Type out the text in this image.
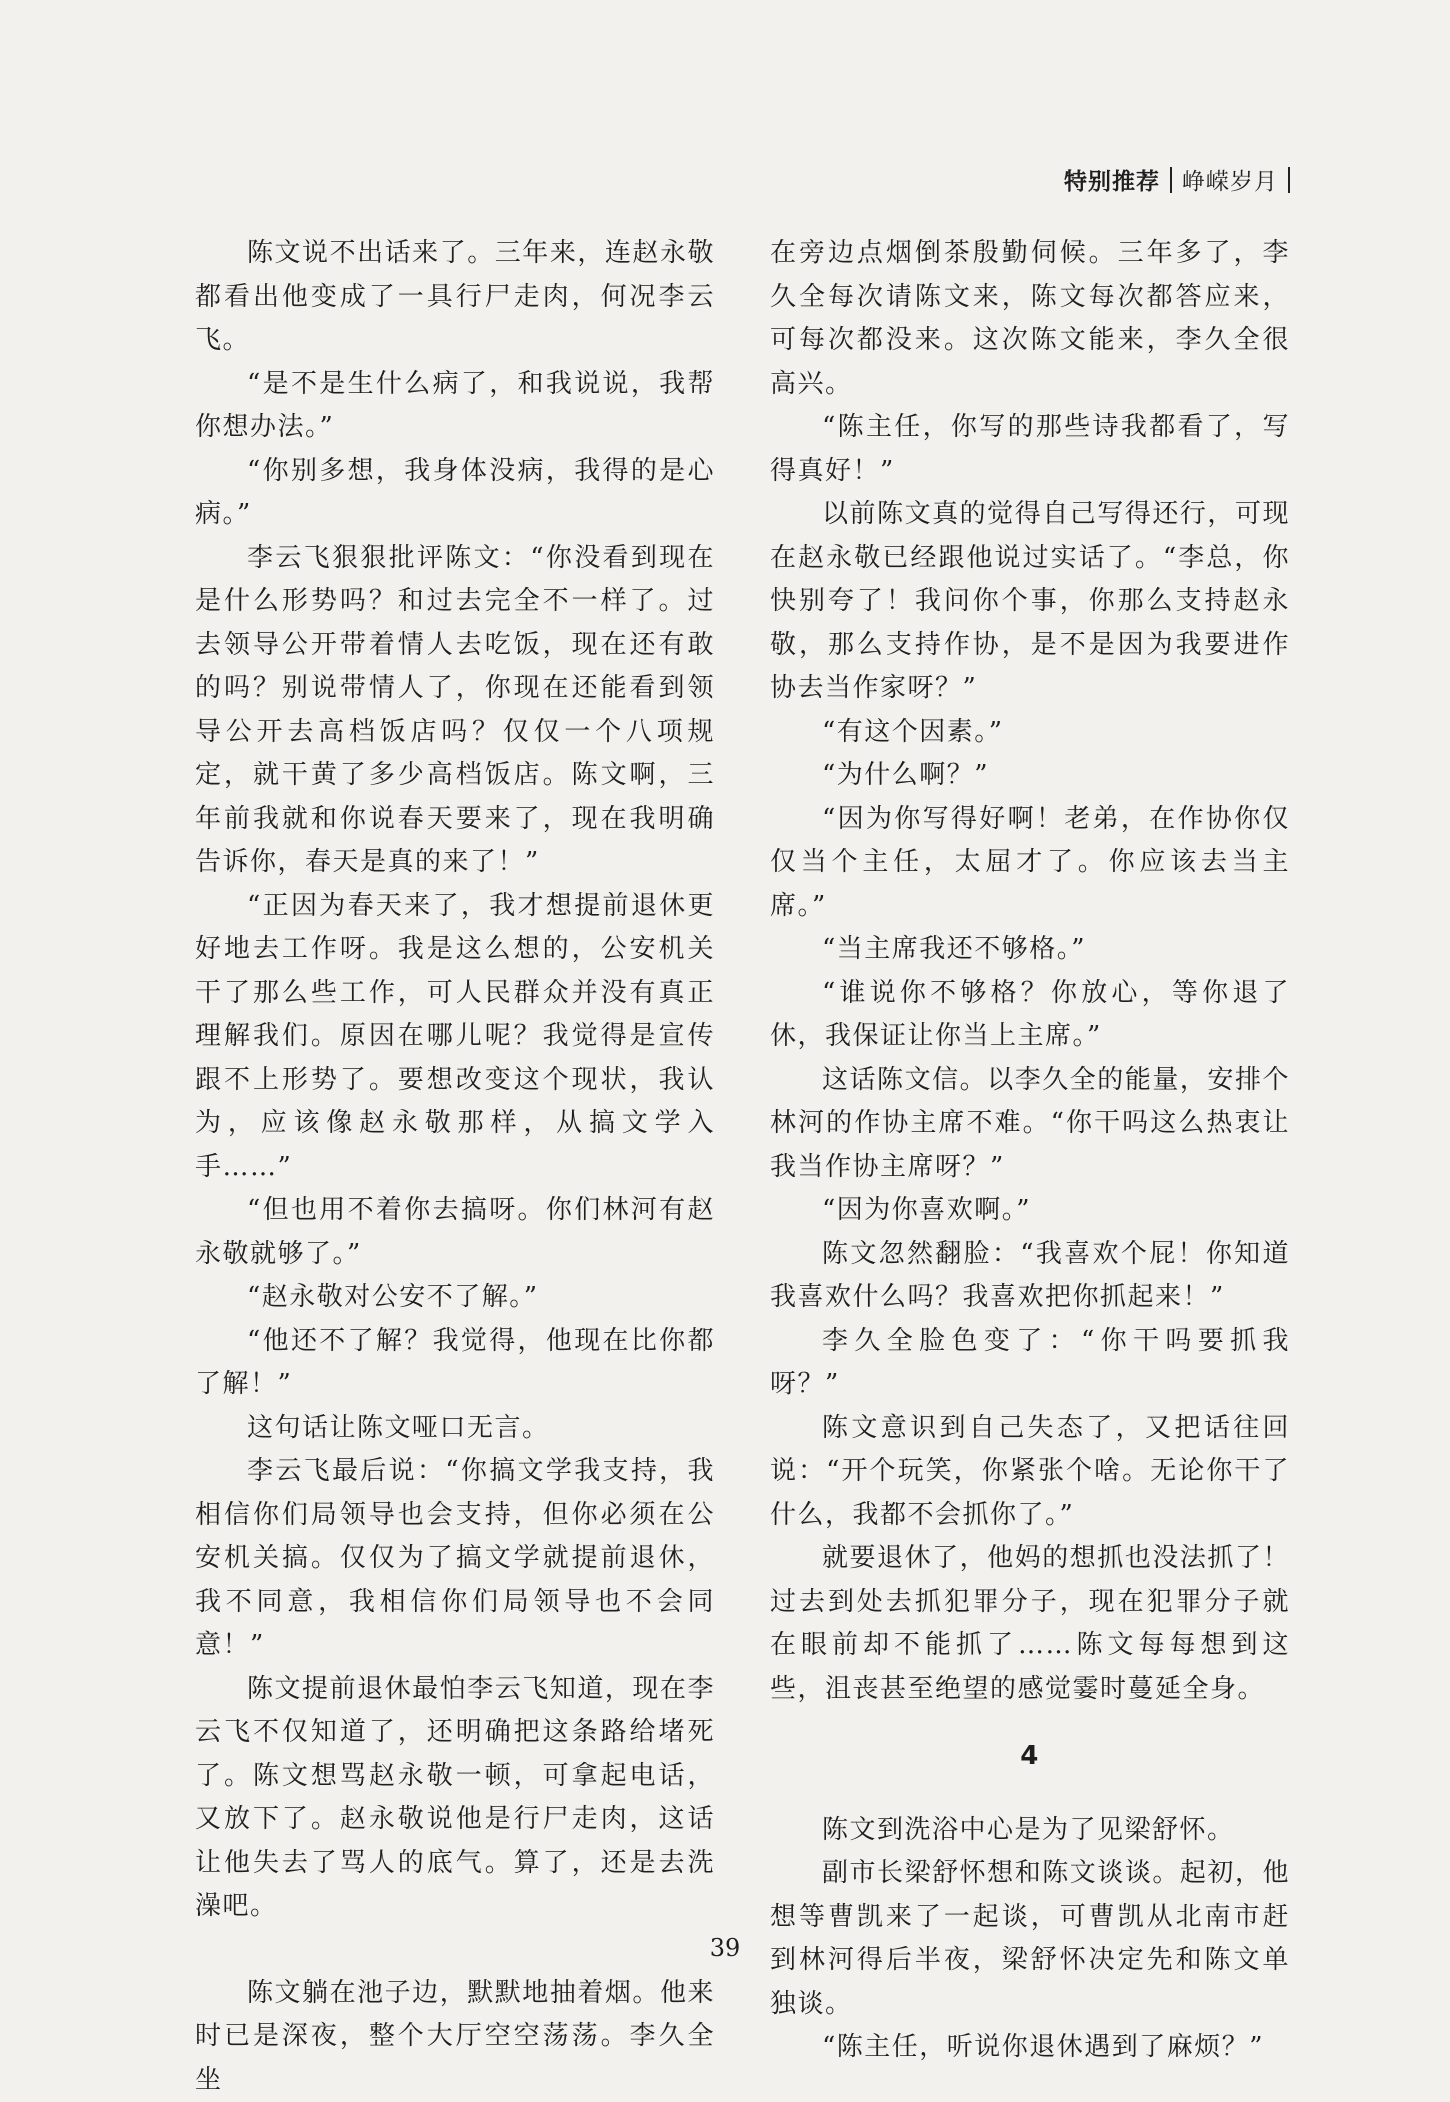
特别推荐 峥嵘岁月

陈文说不出话来了。三年来，连赵永敬都看出他变成了一具行尸走肉，何况李云飞。

“是不是生什么病了，和我说说，我帮你想办法。”

“你别多想，我身体没病，我得的是心病。”

李云飞狠狠批评陈文：“你没看到现在是什么形势吗？和过去完全不一样了。过去领导公开带着情人去吃饭，现在还有敢的吗？别说带情人了，你现在还能看到领导公开去高档饭店吗？仅仅一个八项规定，就干黄了多少高档饭店。陈文啊，三年前我就和你说春天要来了，现在我明确告诉你，春天是真的来了！”

“正因为春天来了，我才想提前退休更好地去工作呀。我是这么想的，公安机关干了那么些工作，可人民群众并没有真正理解我们。原因在哪儿呢？我觉得是宣传跟不上形势了。要想改变这个现状，我认为，应该像赵永敬那样，从搞文学入手……”

“但也用不着你去搞呀。你们林河有赵永敬就够了。”

“赵永敬对公安不了解。”

“他还不了解？我觉得，他现在比你都了解！”

这句话让陈文哑口无言。

李云飞最后说：“你搞文学我支持，我相信你们局领导也会支持，但你必须在公安机关搞。仅仅为了搞文学就提前退休，我不同意，我相信你们局领导也不会同意！”

陈文提前退休最怕李云飞知道，现在李云飞不仅知道了，还明确把这条路给堵死了。陈文想骂赵永敬一顿，可拿起电话，又放下了。赵永敬说他是行尸走肉，这话让他失去了骂人的底气。算了，还是去洗澡吧。

陈文躺在池子边，默默地抽着烟。他来时已是深夜，整个大厅空空荡荡。李久全坐

在旁边点烟倒茶殷勤伺候。三年多了，李久全每次请陈文来，陈文每次都答应来，可每次都没来。这次陈文能来，李久全很高兴。

“陈主任，你写的那些诗我都看了，写得真好！”

以前陈文真的觉得自己写得还行，可现在赵永敬已经跟他说过实话了。“李总，你快别夸了！我问你个事，你那么支持赵永敬，那么支持作协，是不是因为我要进作协去当作家呀？”

“有这个因素。”

“为什么啊？”

“因为你写得好啊！老弟，在作协你仅仅当个主任，太屈才了。你应该去当主席。”

“当主席我还不够格。”

“谁说你不够格？你放心，等你退了休，我保证让你当上主席。”

这话陈文信。以李久全的能量，安排个林河的作协主席不难。“你干吗这么热衷让我当作协主席呀？”

“因为你喜欢啊。”

陈文忽然翻脸：“我喜欢个屁！你知道我喜欢什么吗？我喜欢把你抓起来！”

李久全脸色变了：“你干吗要抓我呀？”

陈文意识到自己失态了，又把话往回说：“开个玩笑，你紧张个啥。无论你干了什么，我都不会抓你了。”

就要退休了，他妈的想抓也没法抓了！过去到处去抓犯罪分子，现在犯罪分子就在眼前却不能抓了……陈文每每想到这些，沮丧甚至绝望的感觉霎时蔓延全身。

4

陈文到洗浴中心是为了见梁舒怀。

副市长梁舒怀想和陈文谈谈。起初，他想等曹凯来了一起谈，可曹凯从北南市赶到林河得后半夜，梁舒怀决定先和陈文单独谈。

“陈主任，听说你退休遇到了麻烦？”

39
